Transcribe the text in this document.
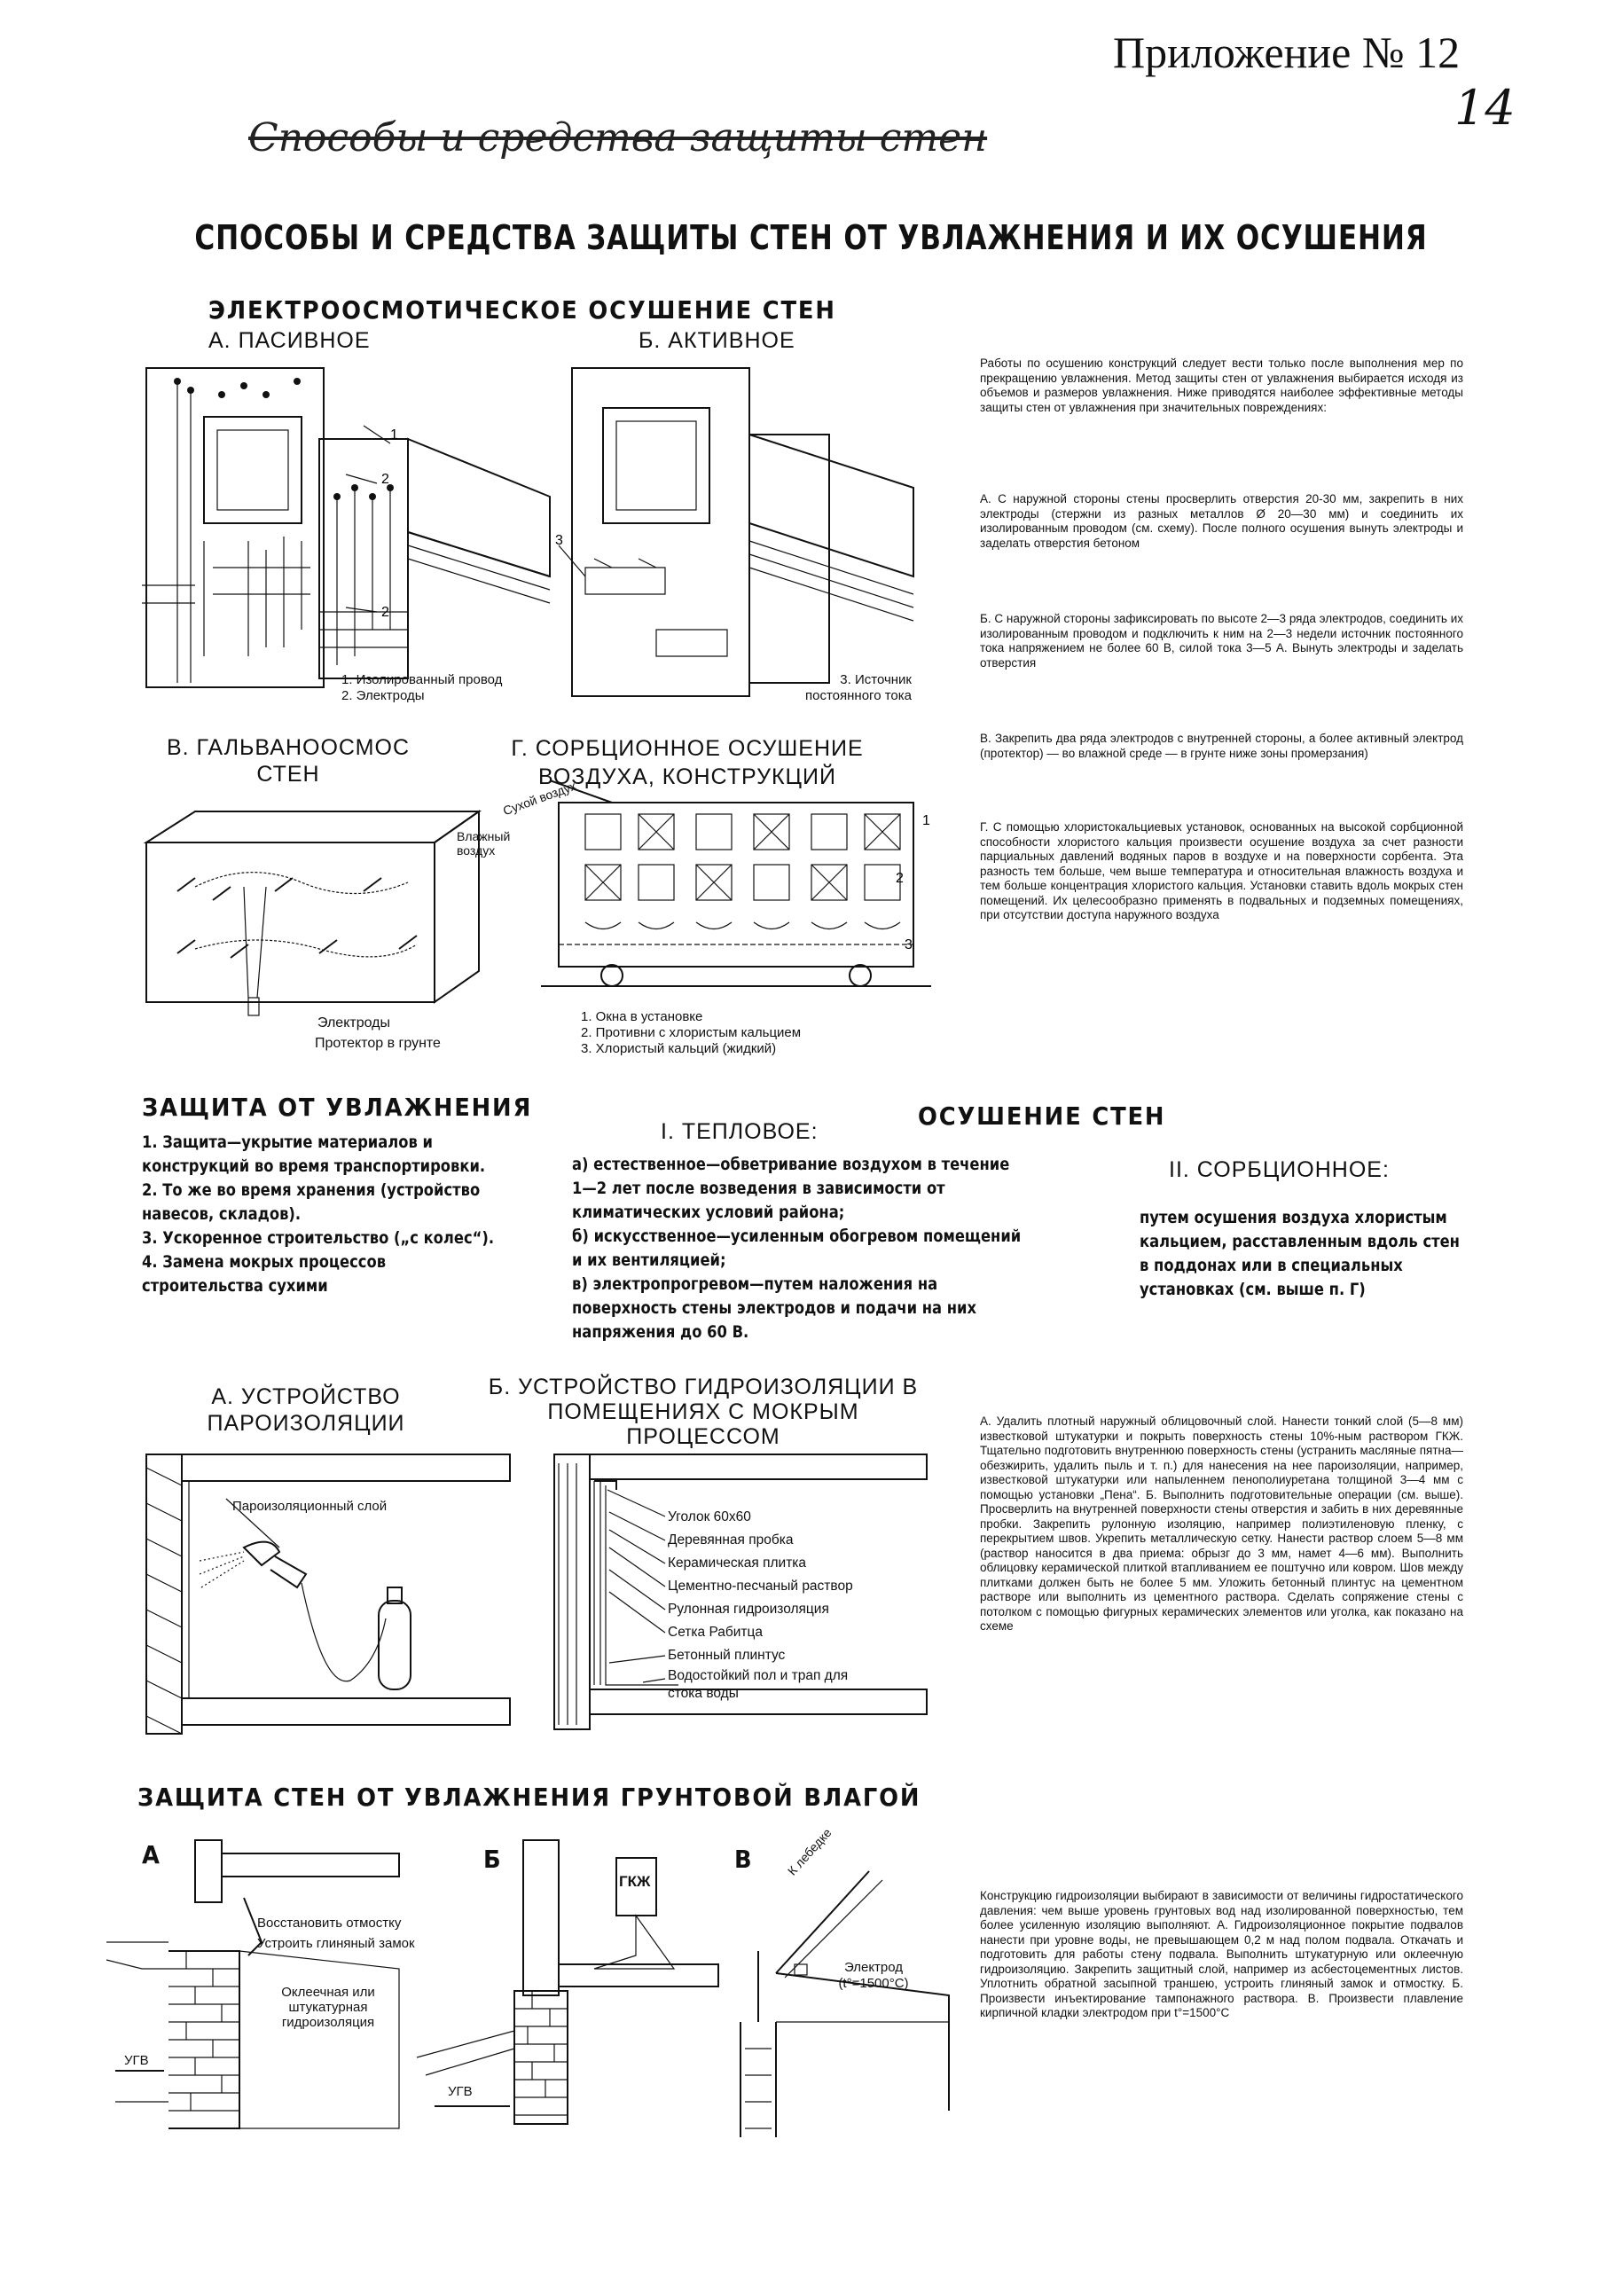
Приложение № 12
14
Способы и средства защиты стен
СПОСОБЫ И СРЕДСТВА ЗАЩИТЫ СТЕН ОТ УВЛАЖНЕНИЯ И ИХ ОСУШЕНИЯ
ЭЛЕКТРООСМОТИЧЕСКОЕ ОСУШЕНИЕ СТЕН
А. ПАСИВНОЕ	Б. АКТИВНОЕ
1
2
2
1. Изолированный провод
2. Электроды
3
3. Источник постоянного тока
В. ГАЛЬВАНООСМОС СТЕН
Электроды
Протектор в грунте
Г. СОРБЦИОННОЕ ОСУШЕНИЕ ВОЗДУХА, КОНСТРУКЦИЙ
1
2
3
Сухой воздух
Влажный воздух
1. Окна в установке
2. Противни с хлористым кальцием
3. Хлористый кальций (жидкий)
Работы по осушению конструкций следует вести только после выполнения мер по прекращению увлажнения. Метод защиты стен от увлажнения выбирается исходя из объемов и размеров увлажнения. Ниже приводятся наиболее эффективные методы защиты стен от увлажнения при значительных повреждениях:
А. С наружной стороны стены просверлить отверстия 20-30 мм, закрепить в них электроды (стержни из разных металлов Ø 20—30 мм) и соединить их изолированным проводом (см. схему). После полного осушения вынуть электроды и заделать отверстия бетоном
Б. С наружной стороны зафиксировать по высоте 2—3 ряда электродов, соединить их изолированным проводом и подключить к ним на 2—3 недели источник постоянного тока напряжением не более 60 В, силой тока 3—5 А. Вынуть электроды и заделать отверстия
В. Закрепить два ряда электродов с внутренней стороны, а более активный электрод (протектор) — во влажной среде — в грунте ниже зоны промерзания)
Г. С помощью хлористокальциевых установок, основанных на высокой сорбционной способности хлористого кальция произвести осушение воздуха за счет разности парциальных давлений водяных паров в воздухе и на поверхности сорбента. Эта разность тем больше, чем выше температура и относительная влажность воздуха и тем больше концентрация хлористого кальция. Установки ставить вдоль мокрых стен помещений. Их целесообразно применять в подвальных и подземных помещениях, при отсутствии доступа наружного воздуха
ЗАЩИТА ОТ УВЛАЖНЕНИЯ

1. Защита—укрытие материалов и конструкций во время транспортировки.

2. То же во время хранения (устройство навесов, складов).

3. Ускоренное строительство („с колес“).

4. Замена мокрых процессов строительства сухими

ОСУШЕНИЕ СТЕН
I. ТЕПЛОВОЕ:

а) естественное—обветривание воздухом в течение 1—2 лет после возведения в зависимости от климатических условий района;

б) искусственное—усиленным обогревом помещений и их вентиляцией;

в) электропрогревом—путем наложения на поверхность стены электродов и подачи на них напряжения до 60 В.

II. СОРБЦИОННОЕ:

путем осушения воздуха хлористым кальцием, расставленным вдоль стен в поддонах или в специальных установках (см. выше п. Г)

А. УСТРОЙСТВО ПАРОИЗОЛЯЦИИ
Пароизоляционный слой
Б. УСТРОЙСТВО ГИДРОИЗОЛЯЦИИ В ПОМЕЩЕНИЯХ С МОКРЫМ ПРОЦЕССОМ
Уголок 60х60
Деревянная пробка
Керамическая плитка
Цементно-песчаный раствор
Рулонная гидроизоляция
Сетка Рабитца
Бетонный плинтус
Водостойкий пол и трап для стока воды
А. Удалить плотный наружный облицовочный слой. Нанести тонкий слой (5—8 мм) известковой штукатурки и покрыть поверхность стены 10%-ным раствором ГКЖ. Тщательно подготовить внутреннюю поверхность стены (устранить масляные пятна—обезжирить, удалить пыль и т. п.) для нанесения на нее пароизоляции, например, известковой штукатурки или напыленнем пенополиуретана толщиной 3—4 мм с помощью установки „Пена“. Б. Выполнить подготовительные операции (см. выше). Просверлить на внутренней поверхности стены отверстия и забить в них деревянные пробки. Закрепить рулонную изоляцию, например полиэтиленовую пленку, с перекрытием швов. Укрепить металлическую сетку. Нанести раствор слоем 5—8 мм (раствор наносится в два приема: обрызг до 3 мм, намет 4—6 мм). Выполнить облицовку керамической плиткой втапливанием ее поштучно или ковром. Шов между плитками должен быть не более 5 мм. Уложить бетонный плинтус на цементном растворе или выполнить из цементного раствора. Сделать сопряжение стены с потолком с помощью фигурных керамических элементов или уголка, как показано на схеме
ЗАЩИТА СТЕН ОТ УВЛАЖНЕНИЯ ГРУНТОВОЙ ВЛАГОЙ
А	Б	В
Восстановить отмостку
Устроить глиняный замок
Оклеечная или штукатурная гидроизоляция
УГВ
ГКЖ
УГВ
К лебедке
Электрод (t°=1500°C)
Конструкцию гидроизоляции выбирают в зависимости от величины гидростатического давления: чем выше уровень грунтовых вод над изолированной поверхностью, тем более усиленную изоляцию выполняют. А. Гидроизоляционное покрытие подвалов нанести при уровне воды, не превышающем 0,2 м над полом подвала. Откачать и подготовить для работы стену подвала. Выполнить штукатурную или оклеечную гидроизоляцию. Закрепить защитный слой, например из асбестоцементных листов. Уплотнить обратной засыпной траншею, устроить глиняный замок и отмостку. Б. Произвести инъектирование тампонажного раствора. В. Произвести плавление кирпичной кладки электродом при t°=1500°C
